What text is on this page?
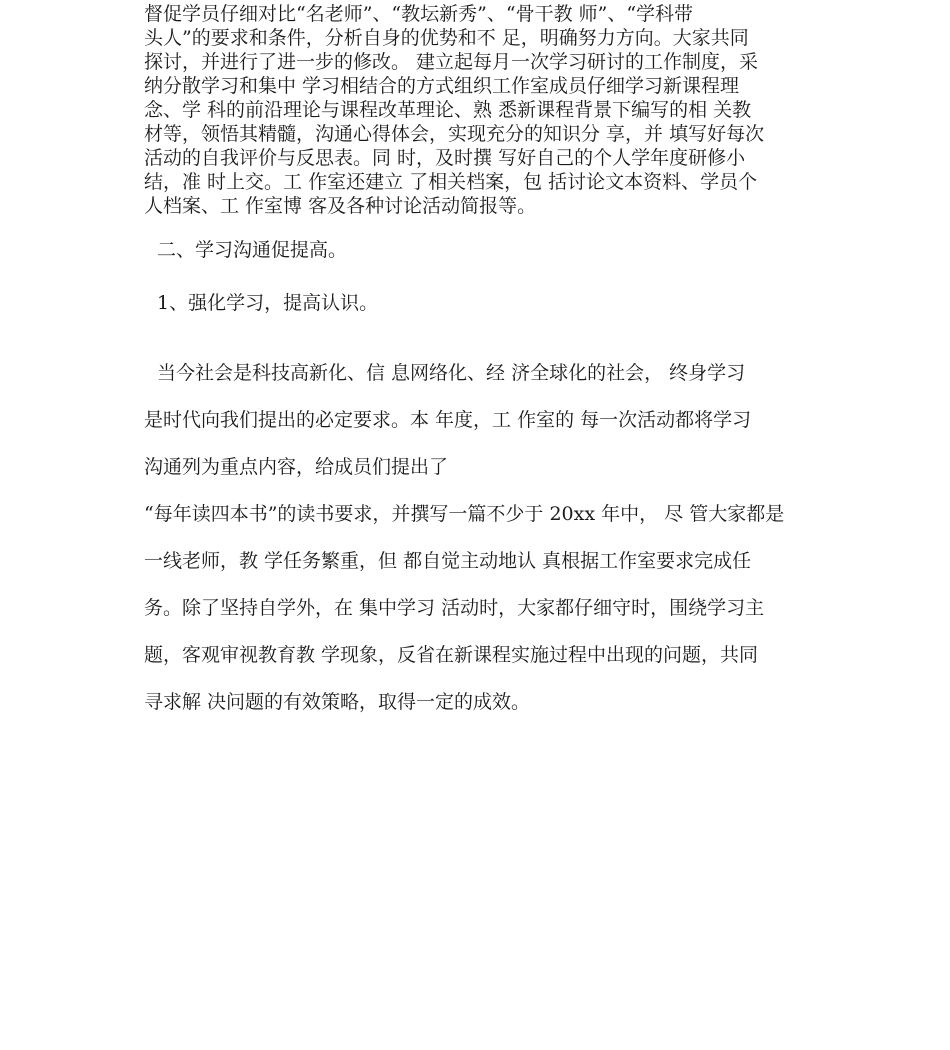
督促学员仔细对比“名老师”、“教坛新秀”、“骨干教 师”、“学科带
头人”的要求和条件，分析自身的优势和不 足，明确努力方向。大家共同
探讨，并进行了进一步的修改。 建立起每月一次学习研讨的工作制度，采
纳分散学习和集中 学习相结合的方式组织工作室成员仔细学习新课程理
念、学 科的前沿理论与课程改革理论、熟 悉新课程背景下编写的相 关教
材等，领悟其精髓，沟通心得体会，实现充分的知识分 享，并 填写好每次
活动的自我评价与反思表。同 时，及时撰 写好自己的个人学年度研修小
结，准 时上交。工 作室还建立 了相关档案，包 括讨论文本资料、学员个
人档案、工 作室博 客及各种讨论活动简报等。
二、学习沟通促提高。
1、强化学习，提高认识。
当今社会是科技高新化、信 息网络化、经 济全球化的社会， 终身学习
是时代向我们提出的必定要求。本 年度，工 作室的 每一次活动都将学习
沟通列为重点内容，给成员们提出了
“每年读四本书”的读书要求，并撰写一篇不少于 20xx 年中， 尽 管大家都是
一线老师，教 学任务繁重，但 都自觉主动地认 真根据工作室要求完成任
务。除了坚持自学外，在 集中学习 活动时，大家都仔细守时，围绕学习主
题，客观审视教育教 学现象，反省在新课程实施过程中出现的问题，共同
寻求解 决问题的有效策略，取得一定的成效。
